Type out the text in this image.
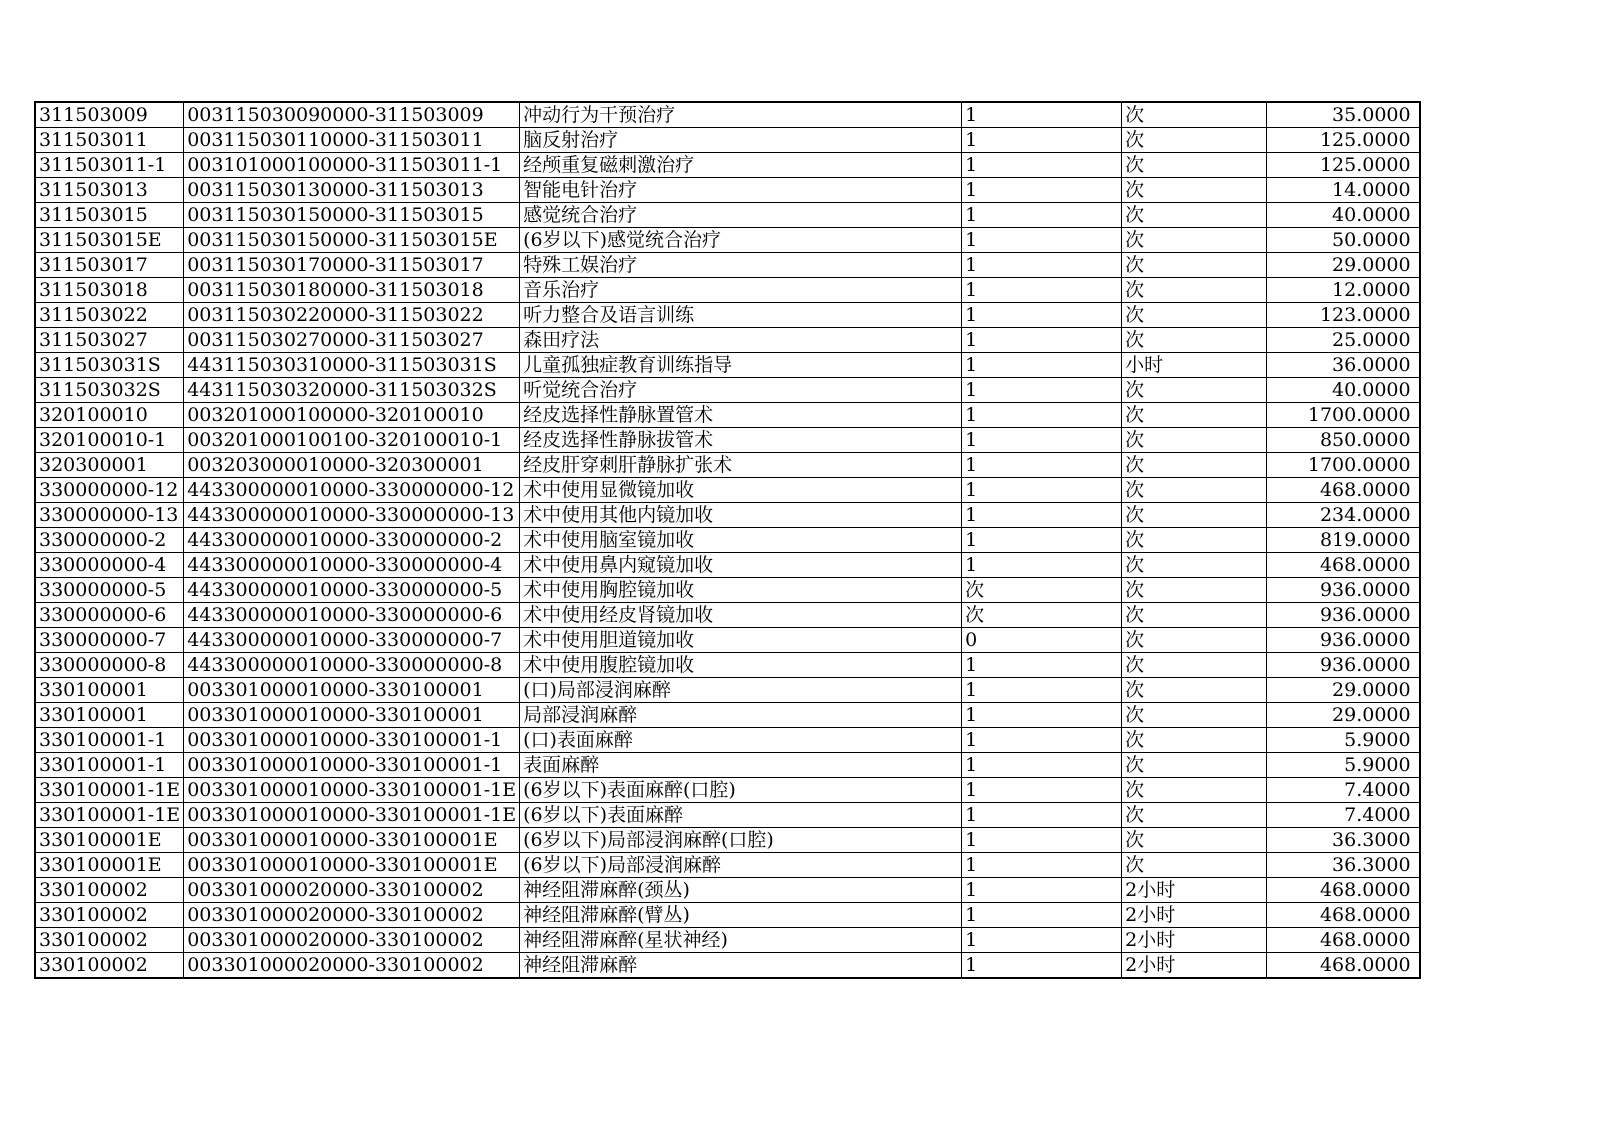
311503009	003115030090000-311503009	冲动行为干预治疗	1	次	35.0000
311503011	003115030110000-311503011	脑反射治疗	1	次	125.0000
311503011-1	003101000100000-311503011-1	经颅重复磁刺激治疗	1	次	125.0000
311503013	003115030130000-311503013	智能电针治疗	1	次	14.0000
311503015	003115030150000-311503015	感觉统合治疗	1	次	40.0000
311503015E	003115030150000-311503015E	(6岁以下)感觉统合治疗	1	次	50.0000
311503017	003115030170000-311503017	特殊工娱治疗	1	次	29.0000
311503018	003115030180000-311503018	音乐治疗	1	次	12.0000
311503022	003115030220000-311503022	听力整合及语言训练	1	次	123.0000
311503027	003115030270000-311503027	森田疗法	1	次	25.0000
311503031S	443115030310000-311503031S	儿童孤独症教育训练指导	1	小时	36.0000
311503032S	443115030320000-311503032S	听觉统合治疗	1	次	40.0000
320100010	003201000100000-320100010	经皮选择性静脉置管术	1	次	1700.0000
320100010-1	003201000100100-320100010-1	经皮选择性静脉拔管术	1	次	850.0000
320300001	003203000010000-320300001	经皮肝穿刺肝静脉扩张术	1	次	1700.0000
330000000-12	443300000010000-330000000-12	术中使用显微镜加收	1	次	468.0000
330000000-13	443300000010000-330000000-13	术中使用其他内镜加收	1	次	234.0000
330000000-2	443300000010000-330000000-2	术中使用脑室镜加收	1	次	819.0000
330000000-4	443300000010000-330000000-4	术中使用鼻内窥镜加收	1	次	468.0000
330000000-5	443300000010000-330000000-5	术中使用胸腔镜加收	次	次	936.0000
330000000-6	443300000010000-330000000-6	术中使用经皮肾镜加收	次	次	936.0000
330000000-7	443300000010000-330000000-7	术中使用胆道镜加收	0	次	936.0000
330000000-8	443300000010000-330000000-8	术中使用腹腔镜加收	1	次	936.0000
330100001	003301000010000-330100001	(口)局部浸润麻醉	1	次	29.0000
330100001	003301000010000-330100001	局部浸润麻醉	1	次	29.0000
330100001-1	003301000010000-330100001-1	(口)表面麻醉	1	次	5.9000
330100001-1	003301000010000-330100001-1	表面麻醉	1	次	5.9000
330100001-1E	003301000010000-330100001-1E	(6岁以下)表面麻醉(口腔)	1	次	7.4000
330100001-1E	003301000010000-330100001-1E	(6岁以下)表面麻醉	1	次	7.4000
330100001E	003301000010000-330100001E	(6岁以下)局部浸润麻醉(口腔)	1	次	36.3000
330100001E	003301000010000-330100001E	(6岁以下)局部浸润麻醉	1	次	36.3000
330100002	003301000020000-330100002	神经阻滞麻醉(颈丛)	1	2小时	468.0000
330100002	003301000020000-330100002	神经阻滞麻醉(臂丛)	1	2小时	468.0000
330100002	003301000020000-330100002	神经阻滞麻醉(星状神经)	1	2小时	468.0000
330100002	003301000020000-330100002	神经阻滞麻醉	1	2小时	468.0000
